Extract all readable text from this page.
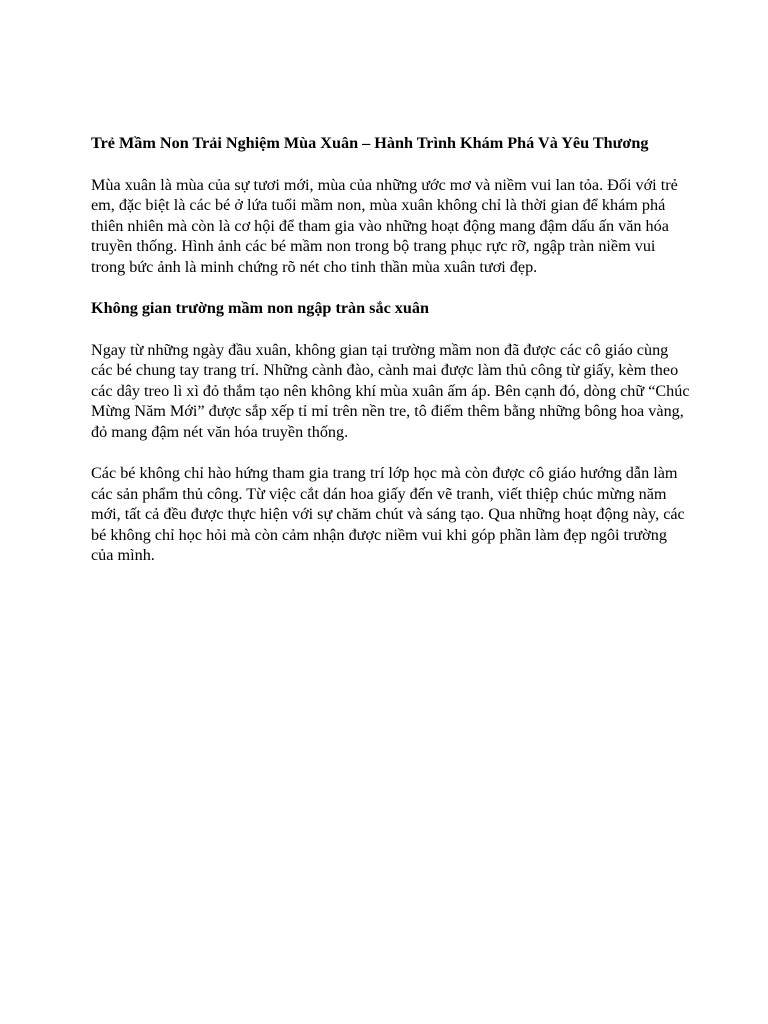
Trẻ Mầm Non Trải Nghiệm Mùa Xuân – Hành Trình Khám Phá Và Yêu Thương
Mùa xuân là mùa của sự tươi mới, mùa của những ước mơ và niềm vui lan tỏa. Đối với trẻ em, đặc biệt là các bé ở lứa tuổi mầm non, mùa xuân không chỉ là thời gian để khám phá thiên nhiên mà còn là cơ hội để tham gia vào những hoạt động mang đậm dấu ấn văn hóa truyền thống. Hình ảnh các bé mầm non trong bộ trang phục rực rỡ, ngập tràn niềm vui trong bức ảnh là minh chứng rõ nét cho tinh thần mùa xuân tươi đẹp.
Không gian trường mầm non ngập tràn sắc xuân
Ngay từ những ngày đầu xuân, không gian tại trường mầm non đã được các cô giáo cùng các bé chung tay trang trí. Những cành đào, cành mai được làm thủ công từ giấy, kèm theo các dây treo lì xì đỏ thắm tạo nên không khí mùa xuân ấm áp. Bên cạnh đó, dòng chữ “Chúc Mừng Năm Mới” được sắp xếp tỉ mỉ trên nền tre, tô điểm thêm bằng những bông hoa vàng, đỏ mang đậm nét văn hóa truyền thống.
Các bé không chỉ hào hứng tham gia trang trí lớp học mà còn được cô giáo hướng dẫn làm các sản phẩm thủ công. Từ việc cắt dán hoa giấy đến vẽ tranh, viết thiệp chúc mừng năm mới, tất cả đều được thực hiện với sự chăm chút và sáng tạo. Qua những hoạt động này, các bé không chỉ học hỏi mà còn cảm nhận được niềm vui khi góp phần làm đẹp ngôi trường của mình.
